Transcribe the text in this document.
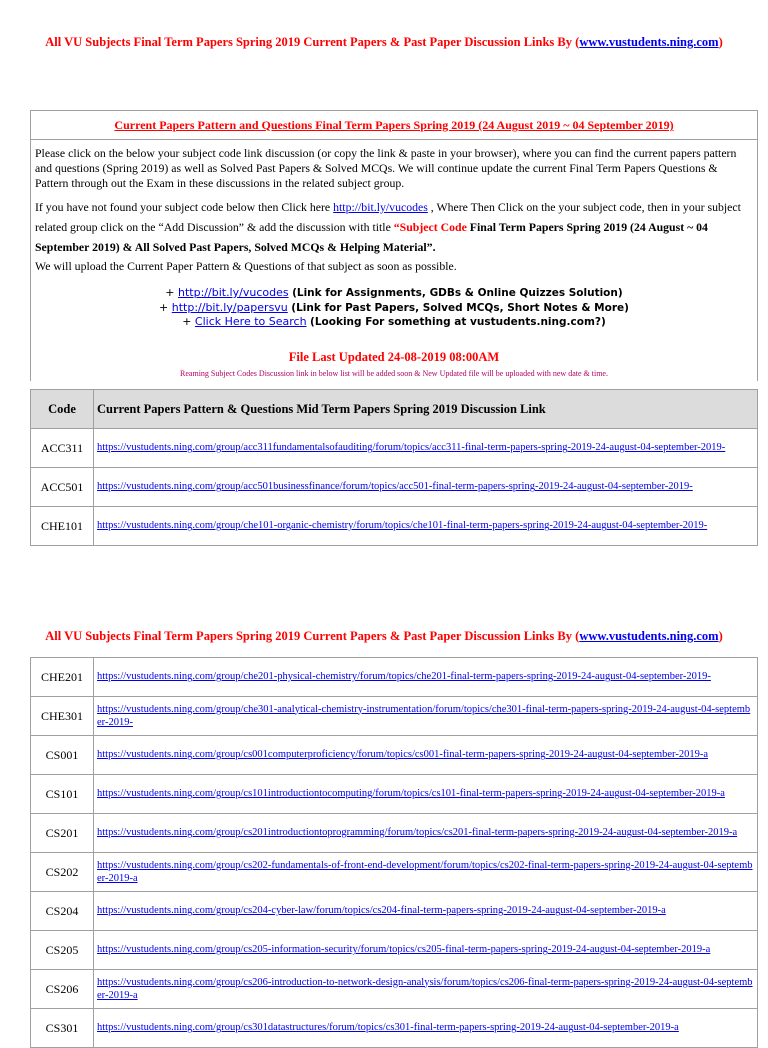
All VU Subjects Final Term Papers Spring 2019 Current Papers & Past Paper Discussion Links By (www.vustudents.ning.com)
Current Papers Pattern and Questions Final Term Papers Spring 2019 (24 August 2019 ~ 04 September 2019)

Please click on the below your subject code link discussion (or copy the link & paste in your browser), where you can find the current papers pattern and questions (Spring 2019) as well as Solved Past Papers & Solved MCQs. We will continue update the current Final Term Papers Questions & Pattern through out the Exam in these discussions in the related subject group.

If you have not found your subject code below then Click here http://bit.ly/vucodes , Where Then Click on the your subject code, then in your subject related group click on the “Add Discussion” & add the discussion with title “Subject Code Final Term Papers Spring 2019 (24 August ~ 04 September 2019) & All Solved Past Papers, Solved MCQs & Helping Material”.

We will upload the Current Paper Pattern & Questions of that subject as soon as possible.

+ http://bit.ly/vucodes (Link for Assignments, GDBs & Online Quizzes Solution)
+ http://bit.ly/papersvu (Link for Past Papers, Solved MCQs, Short Notes & More)
+ Click Here to Search (Looking For something at vustudents.ning.com?)
File Last Updated 24-08-2019 08:00AM
Reaming Subject Codes Discussion link in below list will be added soon & New Updated file will be uploaded with new date & time.
Code	Current Papers Pattern & Questions Mid Term Papers Spring 2019 Discussion Link
ACC311	https://vustudents.ning.com/group/acc311fundamentalsofauditing/forum/topics/acc311-final-term-papers-spring-2019-24-august-04-september-2019-
ACC501	https://vustudents.ning.com/group/acc501businessfinance/forum/topics/acc501-final-term-papers-spring-2019-24-august-04-september-2019-
CHE101	https://vustudents.ning.com/group/che101-organic-chemistry/forum/topics/che101-final-term-papers-spring-2019-24-august-04-september-2019-
All VU Subjects Final Term Papers Spring 2019 Current Papers & Past Paper Discussion Links By (www.vustudents.ning.com)
CHE201	https://vustudents.ning.com/group/che201-physical-chemistry/forum/topics/che201-final-term-papers-spring-2019-24-august-04-september-2019-
CHE301	https://vustudents.ning.com/group/che301-analytical-chemistry-instrumentation/forum/topics/che301-final-term-papers-spring-2019-24-august-04-september-2019-
CS001	https://vustudents.ning.com/group/cs001computerproficiency/forum/topics/cs001-final-term-papers-spring-2019-24-august-04-september-2019-a
CS101	https://vustudents.ning.com/group/cs101introductiontocomputing/forum/topics/cs101-final-term-papers-spring-2019-24-august-04-september-2019-a
CS201	https://vustudents.ning.com/group/cs201introductiontoprogramming/forum/topics/cs201-final-term-papers-spring-2019-24-august-04-september-2019-a
CS202	https://vustudents.ning.com/group/cs202-fundamentals-of-front-end-development/forum/topics/cs202-final-term-papers-spring-2019-24-august-04-september-2019-a
CS204	https://vustudents.ning.com/group/cs204-cyber-law/forum/topics/cs204-final-term-papers-spring-2019-24-august-04-september-2019-a
CS205	https://vustudents.ning.com/group/cs205-information-security/forum/topics/cs205-final-term-papers-spring-2019-24-august-04-september-2019-a
CS206	https://vustudents.ning.com/group/cs206-introduction-to-network-design-analysis/forum/topics/cs206-final-term-papers-spring-2019-24-august-04-september-2019-a
CS301	https://vustudents.ning.com/group/cs301datastructures/forum/topics/cs301-final-term-papers-spring-2019-24-august-04-september-2019-a
